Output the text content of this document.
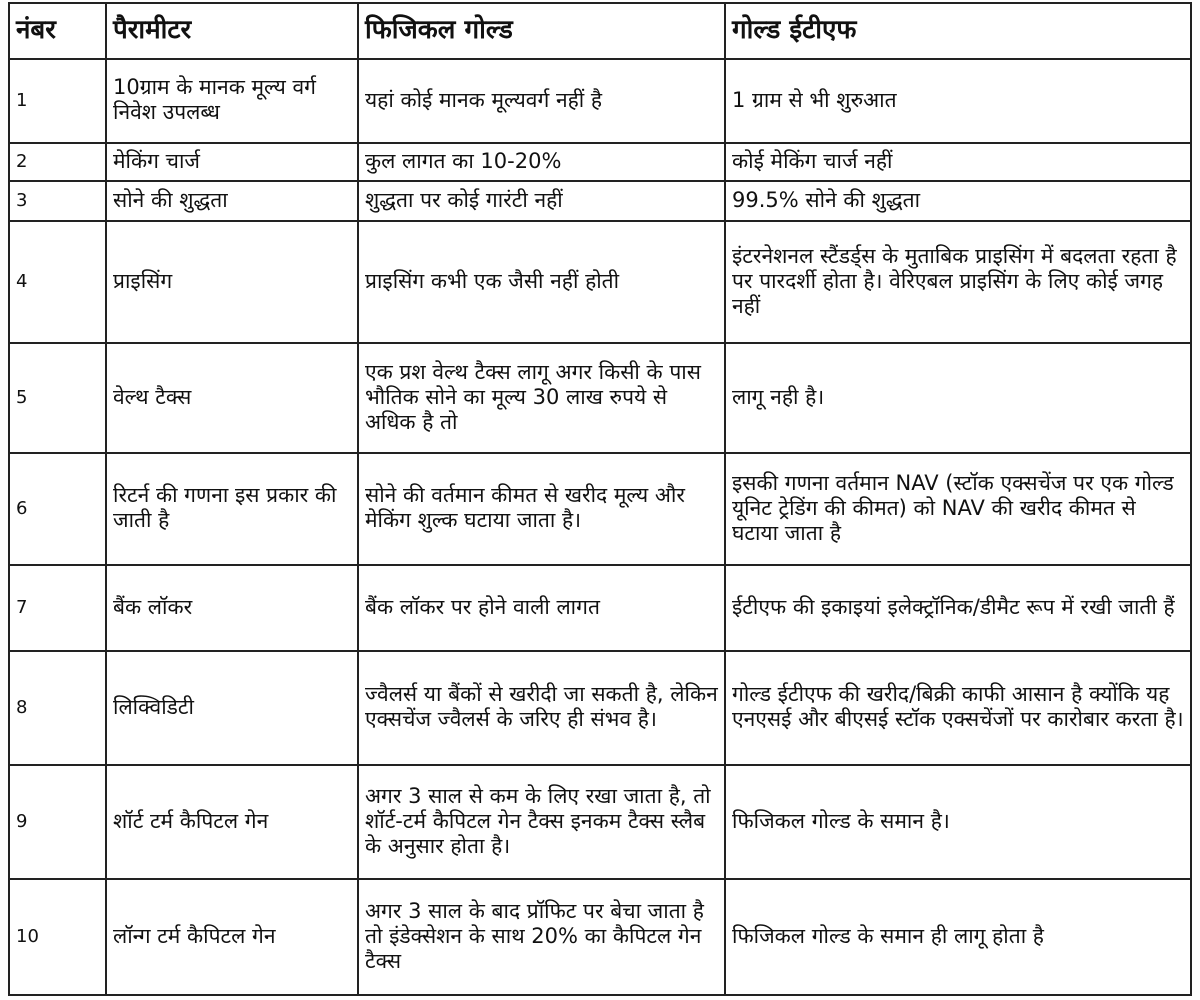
नंबर	पैरामीटर	फिजिकल गोल्ड	गोल्ड ईटीएफ
1	10ग्राम के मानक मूल्य वर्ग निवेश उपलब्ध	यहां कोई मानक मूल्यवर्ग नहीं है	1 ग्राम से भी शुरुआत
2	मेकिंग चार्ज	कुल लागत का 10-20%	कोई मेकिंग चार्ज नहीं
3	सोने की शुद्धता	शुद्धता पर कोई गारंटी नहीं	99.5% सोने की शुद्धता
4	प्राइसिंग	प्राइसिंग कभी एक जैसी नहीं होती	इंटरनेशनल स्टैंडर्ड्स के मुताबिक प्राइसिंग में बदलता रहता है पर पारदर्शी होता है। वेरिएबल प्राइसिंग के लिए कोई जगह नहीं
5	वेल्थ टैक्स	एक प्रश वेल्थ टैक्स लागू अगर किसी के पास भौतिक सोने का मूल्य 30 लाख रुपये से अधिक है तो	लागू नही है।
6	रिटर्न की गणना इस प्रकार की जाती है	सोने की वर्तमान कीमत से खरीद मूल्य और मेकिंग शुल्क घटाया जाता है।	इसकी गणना वर्तमान NAV (स्टॉक एक्सचेंज पर एक गोल्ड यूनिट ट्रेडिंग की कीमत) को NAV की खरीद कीमत से घटाया जाता है
7	बैंक लॉकर	बैंक लॉकर पर होने वाली लागत	ईटीएफ की इकाइयां इलेक्ट्रॉनिक/डीमैट रूप में रखी जाती हैं
8	लिक्विडिटी	ज्वैलर्स या बैंकों से खरीदी जा सकती है, लेकिन एक्सचेंज ज्वैलर्स के जरिए ही संभव है।	गोल्ड ईटीएफ की खरीद/बिक्री काफी आसान है क्योंकि यह एनएसई और बीएसई स्टॉक एक्सचेंजों पर कारोबार करता है।
9	शॉर्ट टर्म कैपिटल गेन	अगर 3 साल से कम के लिए रखा जाता है, तो शॉर्ट-टर्म कैपिटल गेन टैक्स इनकम टैक्स स्लैब के अनुसार होता है।	फिजिकल गोल्ड के समान है।
10	लॉन्ग टर्म कैपिटल गेन	अगर 3 साल के बाद प्रॉफिट पर बेचा जाता है तो इंडेक्सेशन के साथ 20% का कैपिटल गेन टैक्स	फिजिकल गोल्ड के समान ही लागू होता है
